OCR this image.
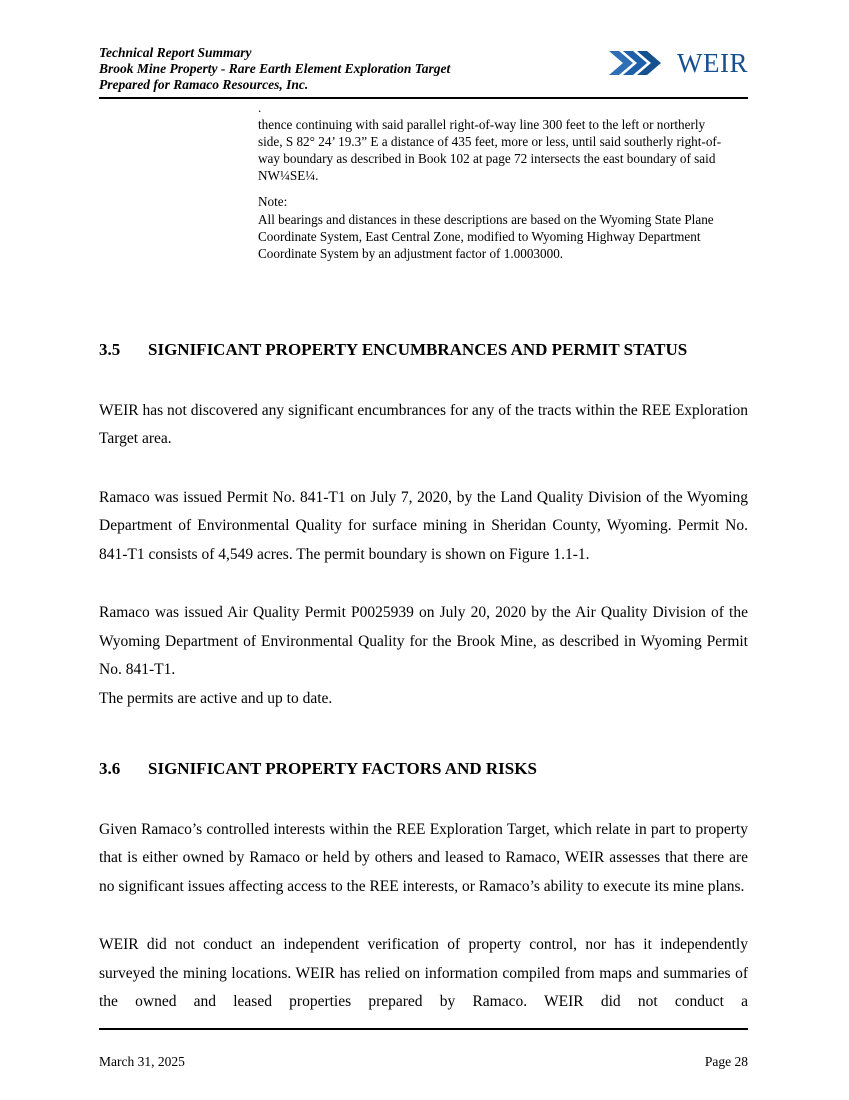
Technical Report Summary
Brook Mine Property - Rare Earth Element Exploration Target
Prepared for Ramaco Resources, Inc.
WEIR
.
thence continuing with said parallel right-of-way line 300 feet to the left or northerly side, S 82° 24’ 19.3” E a distance of 435 feet, more or less, until said southerly right-of-way boundary as described in Book 102 at page 72 intersects the east boundary of said NW¼SE¼.
Note:
All bearings and distances in these descriptions are based on the Wyoming State Plane Coordinate System, East Central Zone, modified to Wyoming Highway Department Coordinate System by an adjustment factor of 1.0003000.
3.5	SIGNIFICANT PROPERTY ENCUMBRANCES AND PERMIT STATUS

WEIR has not discovered any significant encumbrances for any of the tracts within the REE Exploration Target area.

Ramaco was issued Permit No. 841-T1 on July 7, 2020, by the Land Quality Division of the Wyoming Department of Environmental Quality for surface mining in Sheridan County, Wyoming. Permit No. 841-T1 consists of 4,549 acres. The permit boundary is shown on Figure 1.1-1.

Ramaco was issued Air Quality Permit P0025939 on July 20, 2020 by the Air Quality Division of the Wyoming Department of Environmental Quality for the Brook Mine, as described in Wyoming Permit No. 841-T1.

The permits are active and up to date.

3.6	SIGNIFICANT PROPERTY FACTORS AND RISKS

Given Ramaco’s controlled interests within the REE Exploration Target, which relate in part to property that is either owned by Ramaco or held by others and leased to Ramaco, WEIR assesses that there are no significant issues affecting access to the REE interests, or Ramaco’s ability to execute its mine plans.

WEIR did not conduct an independent verification of property control, nor has it independently surveyed the mining locations. WEIR has relied on information compiled from maps and summaries of the owned and leased properties prepared by Ramaco. WEIR did not conduct a

March 31, 2025	Page 28
